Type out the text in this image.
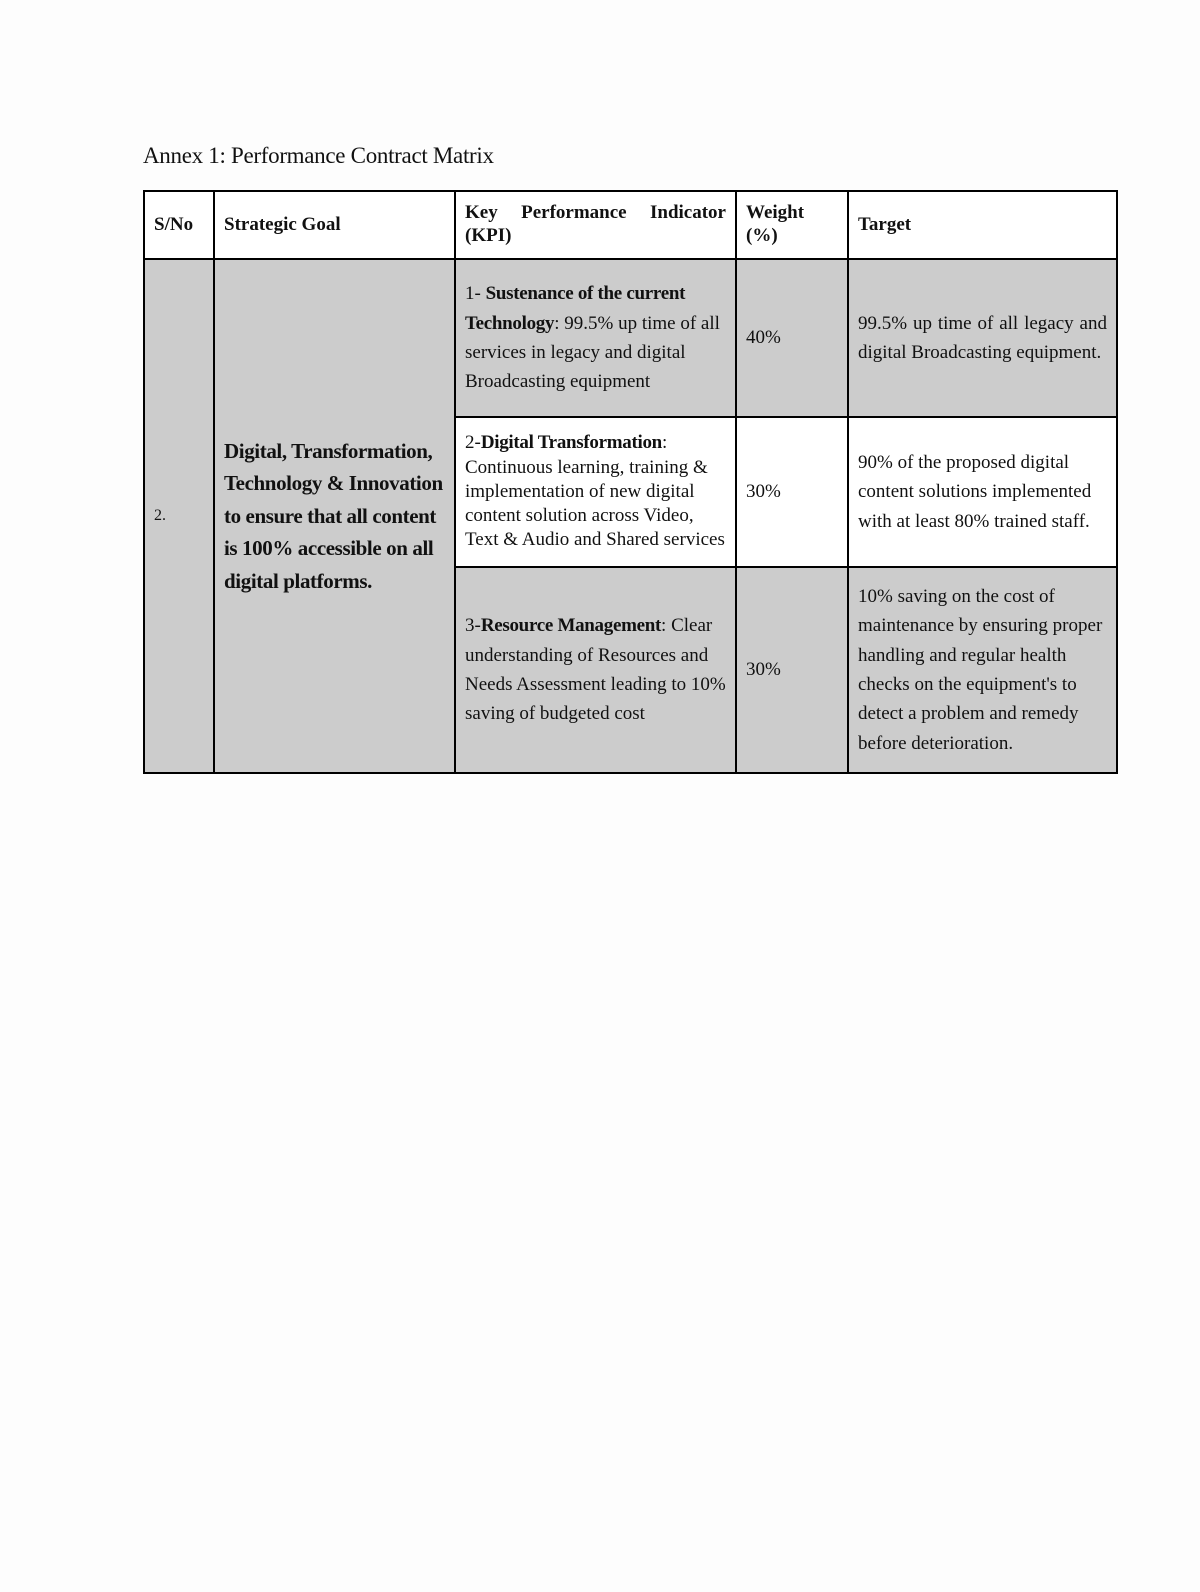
Annex 1: Performance Contract Matrix
S/No	Strategic Goal	Key Performance Indicator (KPI)	Weight (%)	Target
2.	Digital, Transformation, Technology & Innovation to ensure that all content is 100% accessible on all digital platforms.	1- Sustenance of the current Technology: 99.5% up time of all services in legacy and digital Broadcasting equipment	40%	99.5% up time of all legacy and digital Broadcasting equipment.
		2-Digital Transformation: Continuous learning, training & implementation of new digital content solution across Video, Text & Audio and Shared services	30%	90% of the proposed digital content solutions implemented with at least 80% trained staff.
		3-Resource Management: Clear understanding of Resources and Needs Assessment leading to 10% saving of budgeted cost	30%	10% saving on the cost of maintenance by ensuring proper handling and regular health checks on the equipment's to detect a problem and remedy before deterioration.
